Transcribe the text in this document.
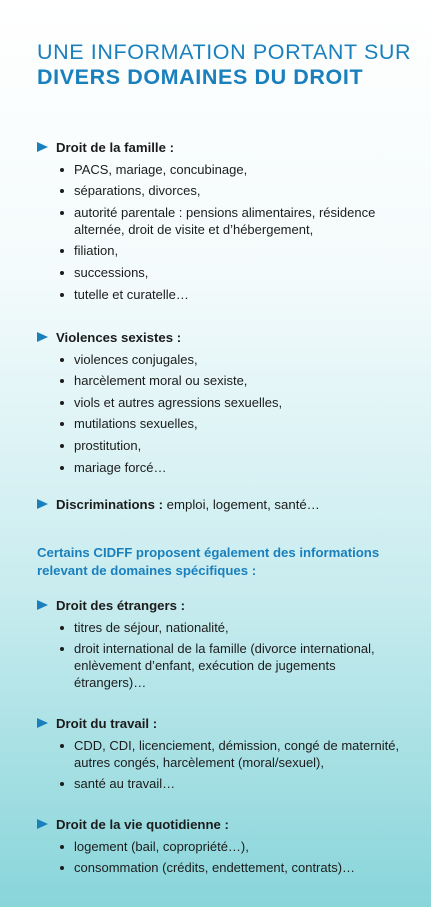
UNE INFORMATION PORTANT SUR DIVERS DOMAINES DU DROIT
Droit de la famille :
PACS, mariage, concubinage,
séparations, divorces,
autorité parentale : pensions alimentaires, résidence alternée, droit de visite et d’hébergement,
filiation,
successions,
tutelle et curatelle…
Violences sexistes :
violences conjugales,
harcèlement moral ou sexiste,
viols et autres agressions sexuelles,
mutilations sexuelles,
prostitution,
mariage forcé…
Discriminations : emploi, logement, santé…
Certains CIDFF proposent également des informations relevant de domaines spécifiques :
Droit des étrangers :
titres de séjour, nationalité,
droit international de la famille (divorce international, enlèvement d’enfant, exécution de jugements étrangers)…
Droit du travail :
CDD, CDI, licenciement, démission, congé de maternité, autres congés, harcèlement (moral/sexuel),
santé au travail…
Droit de la vie quotidienne :
logement (bail, copropriété…),
consommation (crédits, endettement, contrats)…
